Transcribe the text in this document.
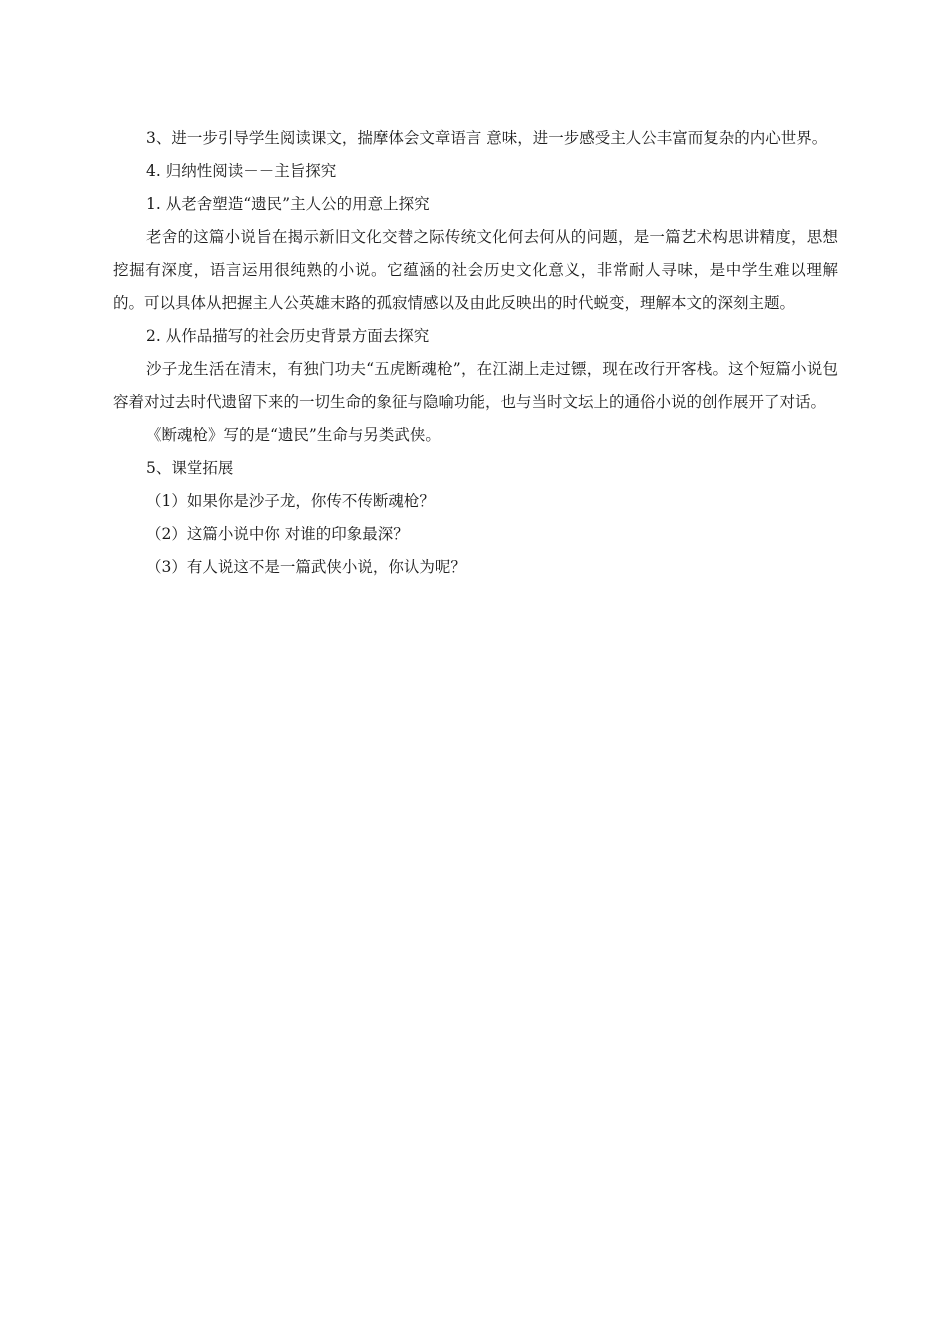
3、进一步引导学生阅读课文，揣摩体会文章语言 意味，进一步感受主人公丰富而复杂的内心世界。

4. 归纳性阅读－－主旨探究

1. 从老舍塑造“遗民”主人公的用意上探究

老舍的这篇小说旨在揭示新旧文化交替之际传统文化何去何从的问题，是一篇艺术构思讲精度，思想挖掘有深度，语言运用很纯熟的小说。它蕴涵的社会历史文化意义，非常耐人寻味，是中学生难以理解的。可以具体从把握主人公英雄末路的孤寂情感以及由此反映出的时代蜕变，理解本文的深刻主题。

2. 从作品描写的社会历史背景方面去探究

沙子龙生活在清末，有独门功夫“五虎断魂枪”，在江湖上走过镖，现在改行开客栈。这个短篇小说包容着对过去时代遗留下来的一切生命的象征与隐喻功能，也与当时文坛上的通俗小说的创作展开了对话。

《断魂枪》写的是“遗民”生命与另类武侠。

5、课堂拓展

（1）如果你是沙子龙，你传不传断魂枪？

（2）这篇小说中你 对谁的印象最深？

（3）有人说这不是一篇武侠小说，你认为呢？
